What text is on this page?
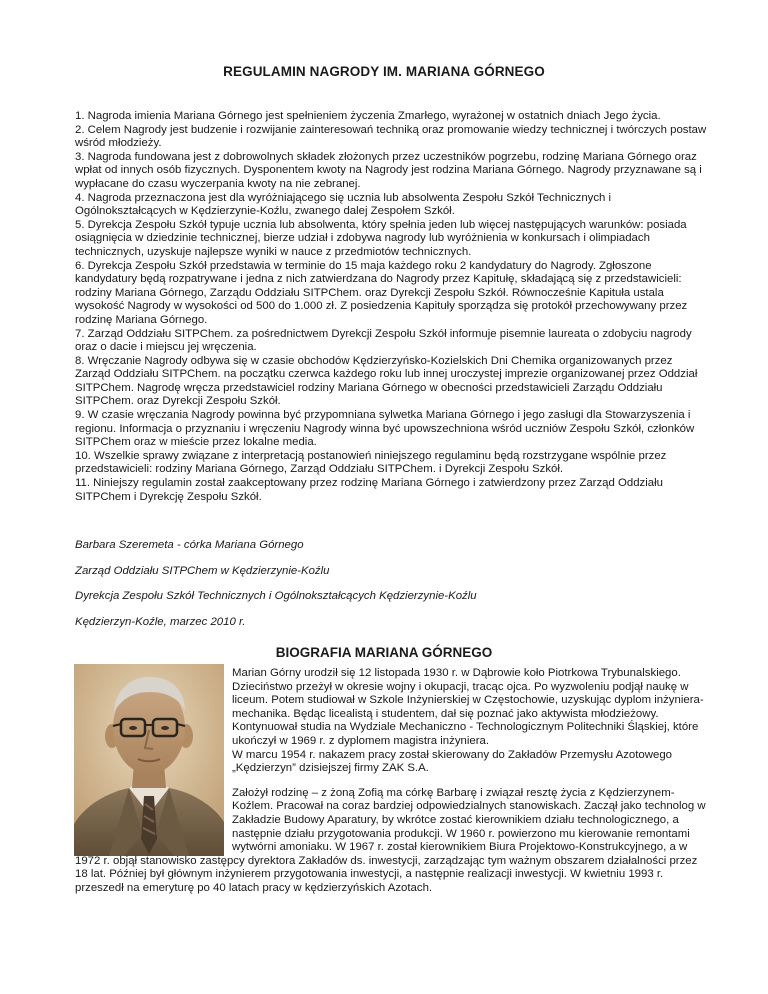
REGULAMIN NAGRODY IM. MARIANA GÓRNEGO

1. Nagroda imienia Mariana Górnego jest spełnieniem życzenia Zmarłego, wyrażonej w ostatnich dniach Jego życia.

2. Celem Nagrody jest budzenie i rozwijanie zainteresowań techniką oraz promowanie wiedzy technicznej i twórczych postaw wśród młodzieży.

3. Nagroda fundowana jest z dobrowolnych składek złożonych przez uczestników pogrzebu, rodzinę Mariana Górnego oraz wpłat od innych osób fizycznych. Dysponentem kwoty na Nagrody jest rodzina Mariana Górnego. Nagrody przyznawane są i wypłacane do czasu wyczerpania kwoty na nie zebranej.

4. Nagroda przeznaczona jest dla wyróżniającego się ucznia lub absolwenta Zespołu Szkół Technicznych i Ogólnokształcących w Kędzierzynie-Koźlu, zwanego dalej Zespołem Szkół.

5. Dyrekcja Zespołu Szkół typuje ucznia lub absolwenta, który spełnia jeden lub więcej następujących warunków: posiada osiągnięcia w dziedzinie technicznej, bierze udział i zdobywa nagrody lub wyróżnienia w konkursach i olimpiadach technicznych, uzyskuje najlepsze wyniki w nauce z przedmiotów technicznych.

6. Dyrekcja Zespołu Szkół przedstawia w terminie do 15 maja każdego roku 2 kandydatury do Nagrody. Zgłoszone kandydatury będą rozpatrywane i jedna z nich zatwierdzana do Nagrody przez Kapitułę, składającą się z przedstawicieli: rodziny Mariana Górnego, Zarządu Oddziału SITPChem. oraz Dyrekcji Zespołu Szkół. Równocześnie Kapituła ustala wysokość Nagrody w wysokości od 500 do 1.000 zł. Z posiedzenia Kapituły sporządza się protokół przechowywany przez rodzinę Mariana Górnego.

7. Zarząd Oddziału SITPChem. za pośrednictwem Dyrekcji Zespołu Szkół informuje pisemnie laureata o zdobyciu nagrody oraz o dacie i miejscu jej wręczenia.

8. Wręczanie Nagrody odbywa się w czasie obchodów Kędzierzyńsko-Kozielskich Dni Chemika organizowanych przez Zarząd Oddziału SITPChem. na początku czerwca każdego roku lub innej uroczystej imprezie organizowanej przez Oddział SITPChem. Nagrodę wręcza przedstawiciel rodziny Mariana Górnego w obecności przedstawicieli Zarządu Oddziału SITPChem. oraz Dyrekcji Zespołu Szkół.

9. W czasie wręczania Nagrody powinna być przypomniana sylwetka Mariana Górnego i jego zasługi dla Stowarzyszenia i regionu. Informacja o przyznaniu i wręczeniu Nagrody winna być upowszechniona wśród uczniów Zespołu Szkół, członków SITPChem oraz w mieście przez lokalne media.

10. Wszelkie sprawy związane z interpretacją postanowień niniejszego regulaminu będą rozstrzygane wspólnie przez przedstawicieli: rodziny Mariana Górnego, Zarząd Oddziału SITPChem. i Dyrekcji Zespołu Szkół.

11. Niniejszy regulamin został zaakceptowany przez rodzinę Mariana Górnego i zatwierdzony przez Zarząd Oddziału SITPChem i Dyrekcję Zespołu Szkół.

Barbara Szeremeta - córka Mariana Górnego

Zarząd Oddziału SITPChem w Kędzierzynie-Koźlu

Dyrekcja Zespołu Szkół Technicznych i Ogólnokształcących Kędzierzynie-Koźlu

Kędzierzyn-Koźle, marzec 2010 r.

BIOGRAFIA MARIANA GÓRNEGO

Marian Górny urodził się 12 listopada 1930 r. w Dąbrowie koło Piotrkowa Trybunalskiego. Dzieciństwo przeżył w okresie wojny i okupacji, tracąc ojca. Po wyzwoleniu podjął naukę w liceum. Potem studiował w Szkole Inżynierskiej w Częstochowie, uzyskując dyplom inżyniera-mechanika. Będąc licealistą i studentem, dał się poznać jako aktywista młodzieżowy. Kontynuował studia na Wydziale Mechaniczno - Technologicznym Politechniki Śląskiej, które ukończył w 1969 r. z dyplomem magistra inżyniera.

W marcu 1954 r. nakazem pracy został skierowany do Zakładów Przemysłu Azotowego „Kędzierzyn” dzisiejszej firmy ZAK S.A.

Założył rodzinę – z żoną Zofią ma córkę Barbarę i związał resztę życia z Kędzierzynem-Koźlem. Pracował na coraz bardziej odpowiedzialnych stanowiskach. Zaczął jako technolog w Zakładzie Budowy Aparatury, by wkrótce zostać kierownikiem działu technologicznego, a następnie działu przygotowania produkcji. W 1960 r. powierzono mu kierowanie remontami wytwórni amoniaku. W 1967 r. został kierownikiem Biura Projektowo-Konstrukcyjnego, a w 1972 r. objął stanowisko zastępcy dyrektora Zakładów ds. inwestycji, zarządzając tym ważnym obszarem działalności przez 18 lat. Później był głównym inżynierem przygotowania inwestycji, a następnie realizacji inwestycji. W kwietniu 1993 r. przeszedł na emeryturę po 40 latach pracy w kędzierzyńskich Azotach.
